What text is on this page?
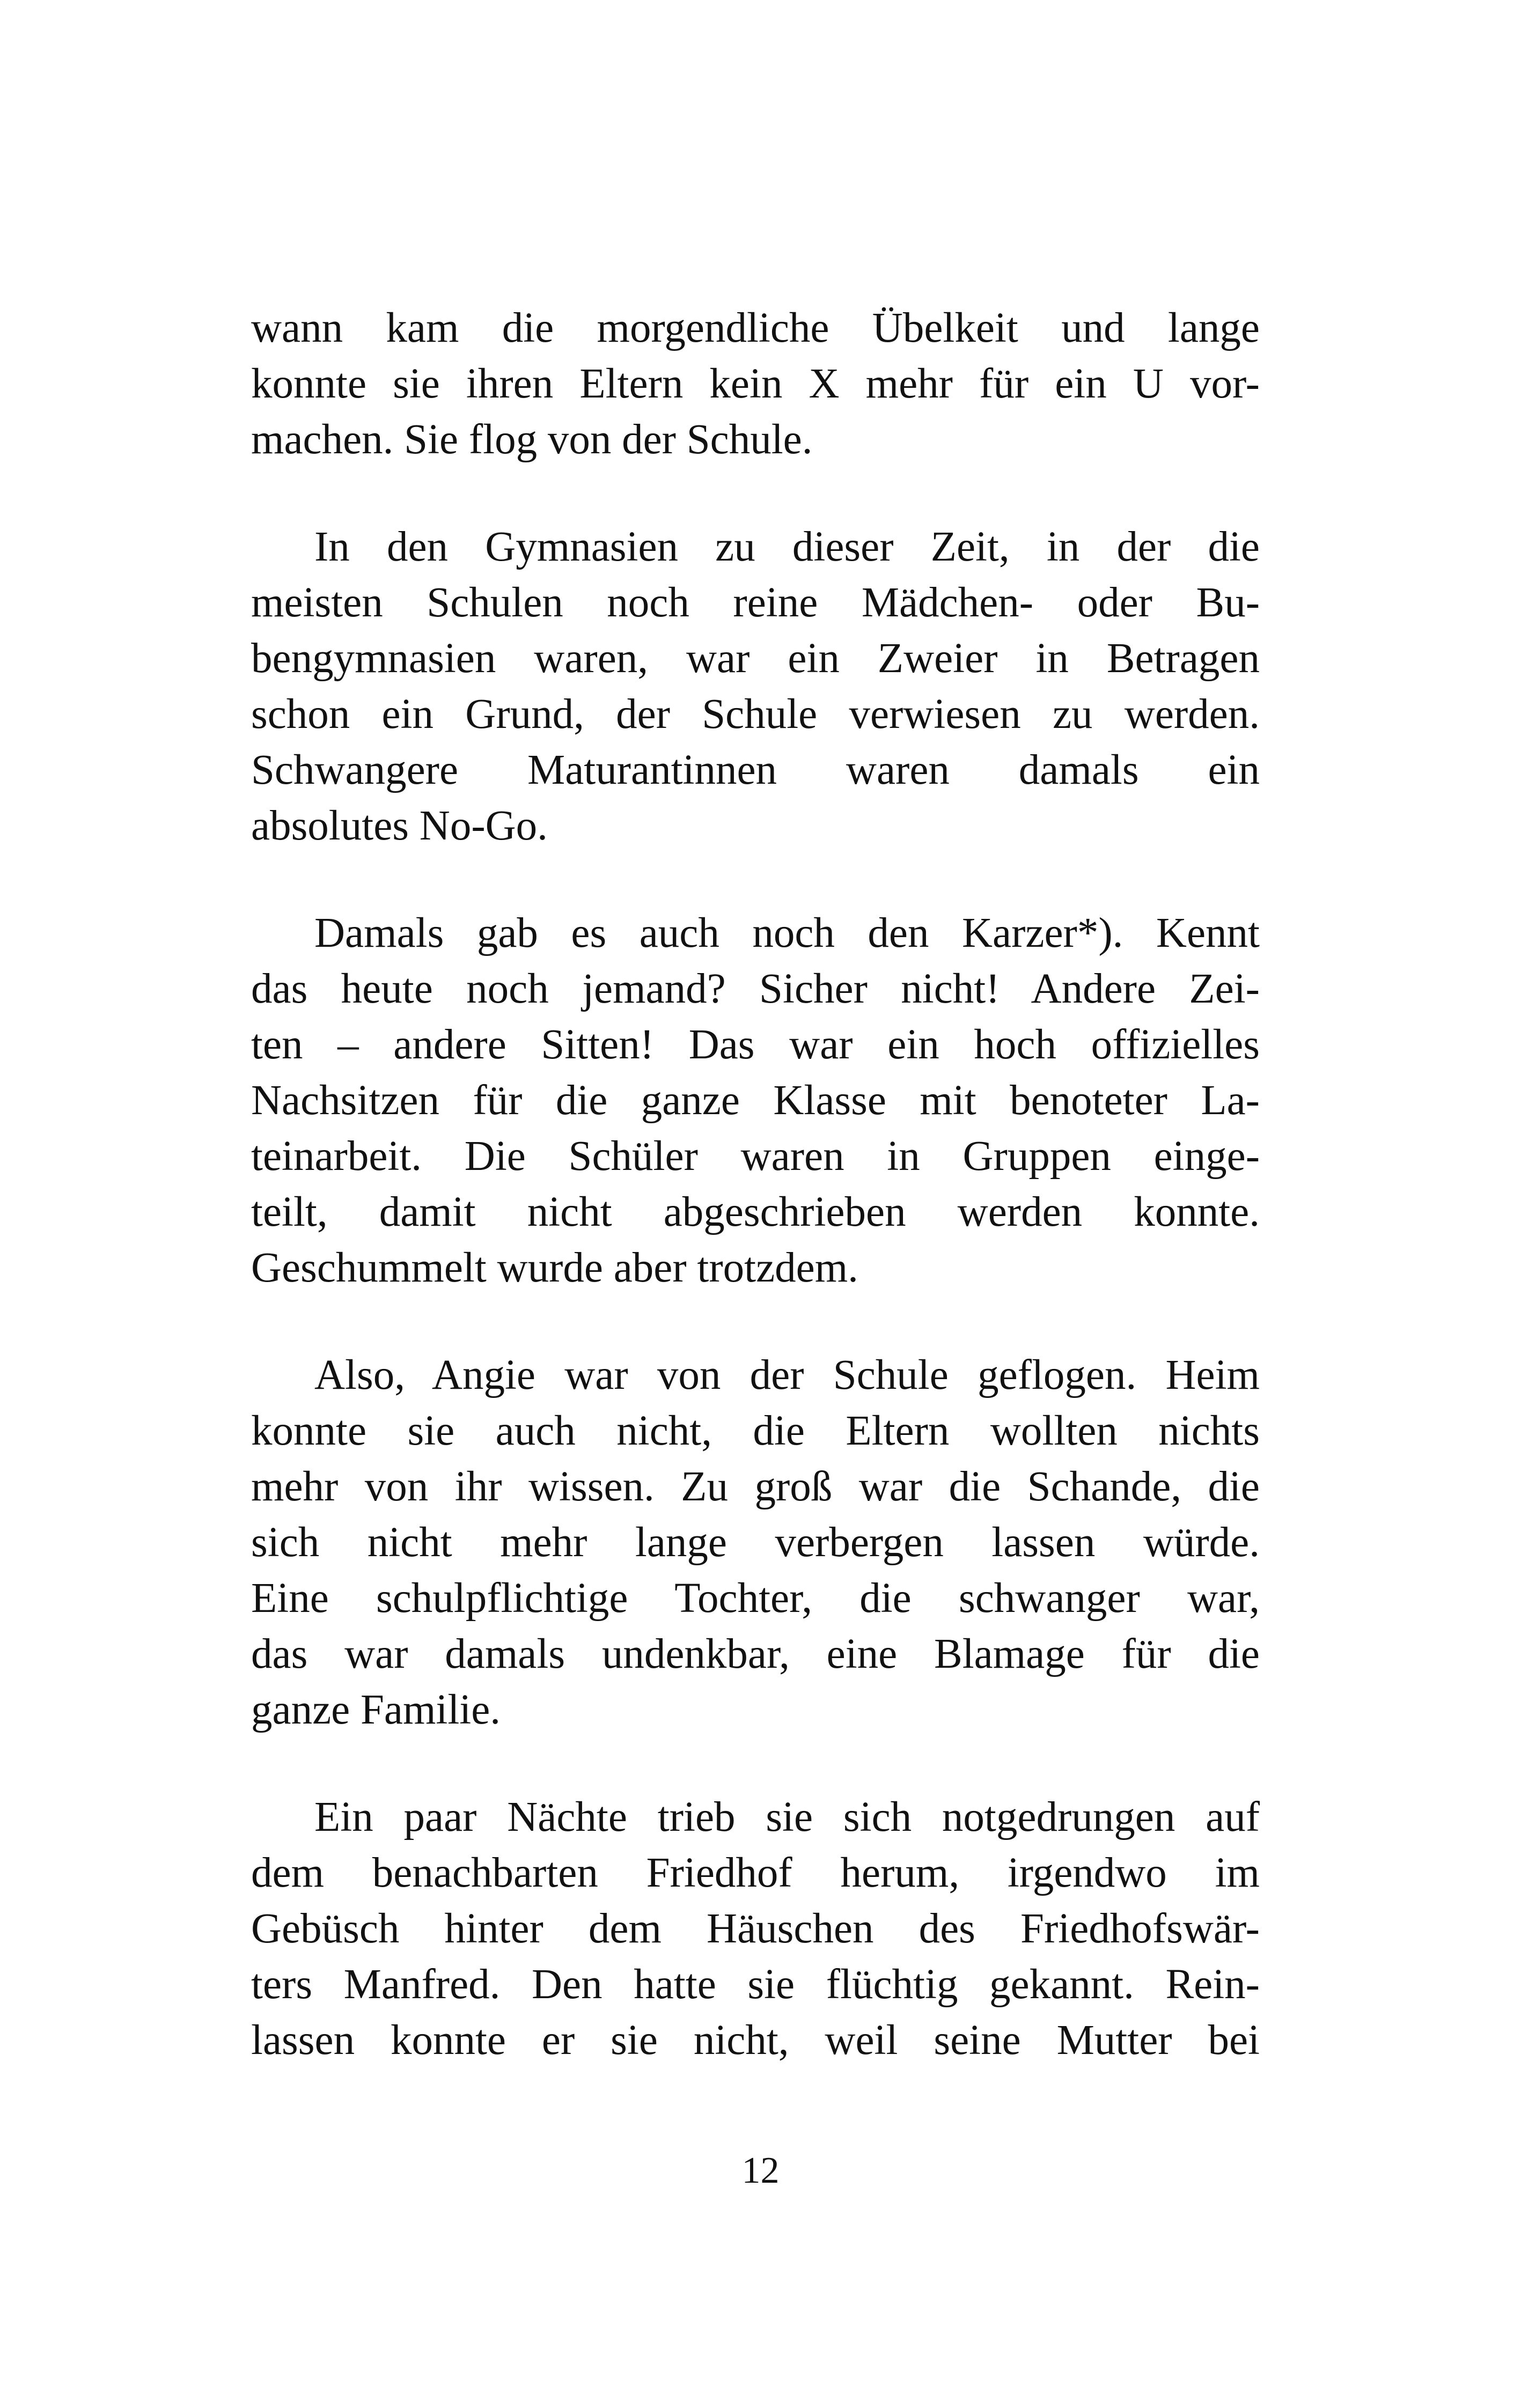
wann kam die morgendliche Übelkeit und lange
konnte sie ihren Eltern kein X mehr für ein U vor-
machen. Sie flog von der Schule.
In den Gymnasien zu dieser Zeit, in der die
meisten Schulen noch reine Mädchen- oder Bu-
bengymnasien waren, war ein Zweier in Betragen
schon ein Grund, der Schule verwiesen zu werden.
Schwangere Maturantinnen waren damals ein
absolutes No-Go.
Damals gab es auch noch den Karzer*). Kennt
das heute noch jemand? Sicher nicht! Andere Zei-
ten – andere Sitten! Das war ein hoch offizielles
Nachsitzen für die ganze Klasse mit benoteter La-
teinarbeit. Die Schüler waren in Gruppen einge-
teilt, damit nicht abgeschrieben werden konnte.
Geschummelt wurde aber trotzdem.
Also, Angie war von der Schule geflogen. Heim
konnte sie auch nicht, die Eltern wollten nichts
mehr von ihr wissen. Zu groß war die Schande, die
sich nicht mehr lange verbergen lassen würde.
Eine schulpflichtige Tochter, die schwanger war,
das war damals undenkbar, eine Blamage für die
ganze Familie.
Ein paar Nächte trieb sie sich notgedrungen auf
dem benachbarten Friedhof herum, irgendwo im
Gebüsch hinter dem Häuschen des Friedhofswär-
ters Manfred. Den hatte sie flüchtig gekannt. Rein-
lassen konnte er sie nicht, weil seine Mutter bei
12
